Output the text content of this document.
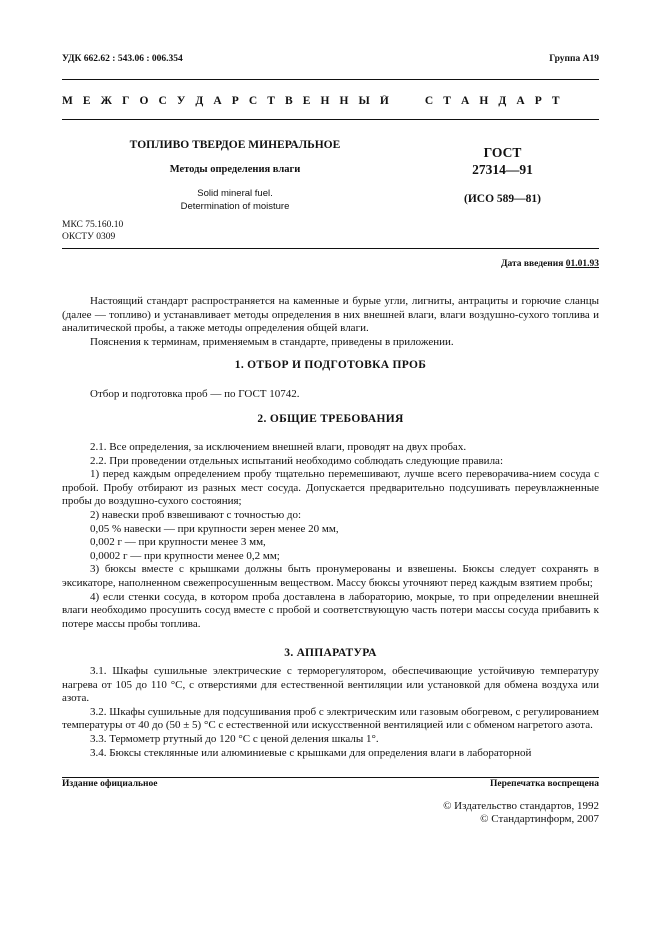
УДК 662.62 : 543.06 : 006.354	Группа А19
М Е Ж Г О С У Д А Р С Т В Е Н Н Ы Й     С Т А Н Д А Р Т
ТОПЛИВО ТВЕРДОЕ МИНЕРАЛЬНОЕ
Методы определения влаги
Solid mineral fuel.
Determination of moisture
ГОСТ
27314—91
(ИСО 589—81)
МКС 75.160.10
ОКСТУ 0309
Дата введения 01.01.93

Настоящий стандарт распространяется на каменные и бурые угли, лигниты, антрациты и горючие сланцы (далее — топливо) и устанавливает методы определения в них внешней влаги, влаги воздушно-сухого топлива и аналитической пробы, а также методы определения общей влаги.

Пояснения к терминам, применяемым в стандарте, приведены в приложении.

1. ОТБОР И ПОДГОТОВКА ПРОБ

Отбор и подготовка проб — по ГОСТ 10742.

2. ОБЩИЕ ТРЕБОВАНИЯ

2.1. Все определения, за исключением внешней влаги, проводят на двух пробах.

2.2. При проведении отдельных испытаний необходимо соблюдать следующие правила:

1) перед каждым определением пробу тщательно перемешивают, лучше всего переворачива-нием сосуда с пробой. Пробу отбирают из разных мест сосуда. Допускается предварительно подсушивать переувлажненные пробы до воздушно-сухого состояния;

2) навески проб взвешивают с точностью до:

0,05 % навески — при крупности зерен менее 20 мм,

0,002 г — при крупности менее 3 мм,

0,0002 г — при крупности менее 0,2 мм;

3) бюксы вместе с крышками должны быть пронумерованы и взвешены. Бюксы следует сохранять в эксикаторе, наполненном свежепросушенным веществом. Массу бюксы уточняют перед каждым взятием пробы;

4) если стенки сосуда, в котором проба доставлена в лабораторию, мокрые, то при определении внешней влаги необходимо просушить сосуд вместе с пробой и соответствующую часть потери массы сосуда прибавить к потере массы пробы топлива.

3. АППАРАТУРА

3.1. Шкафы сушильные электрические с терморегулятором, обеспечивающие устойчивую температуру нагрева от 105 до 110 °С, с отверстиями для естественной вентиляции или установкой для обмена воздуха или азота.

3.2. Шкафы сушильные для подсушивания проб с электрическим или газовым обогревом, с регулированием температуры от 40 до (50 ± 5) °С с естественной или искусственной вентиляцией или с обменом нагретого азота.

3.3. Термометр ртутный до 120 °С с ценой деления шкалы 1°.

3.4. Бюксы стеклянные или алюминиевые с крышками для определения влаги в лабораторной

Издание официальное	Перепечатка воспрещена
© Издательство стандартов, 1992
© Стандартинформ, 2007
